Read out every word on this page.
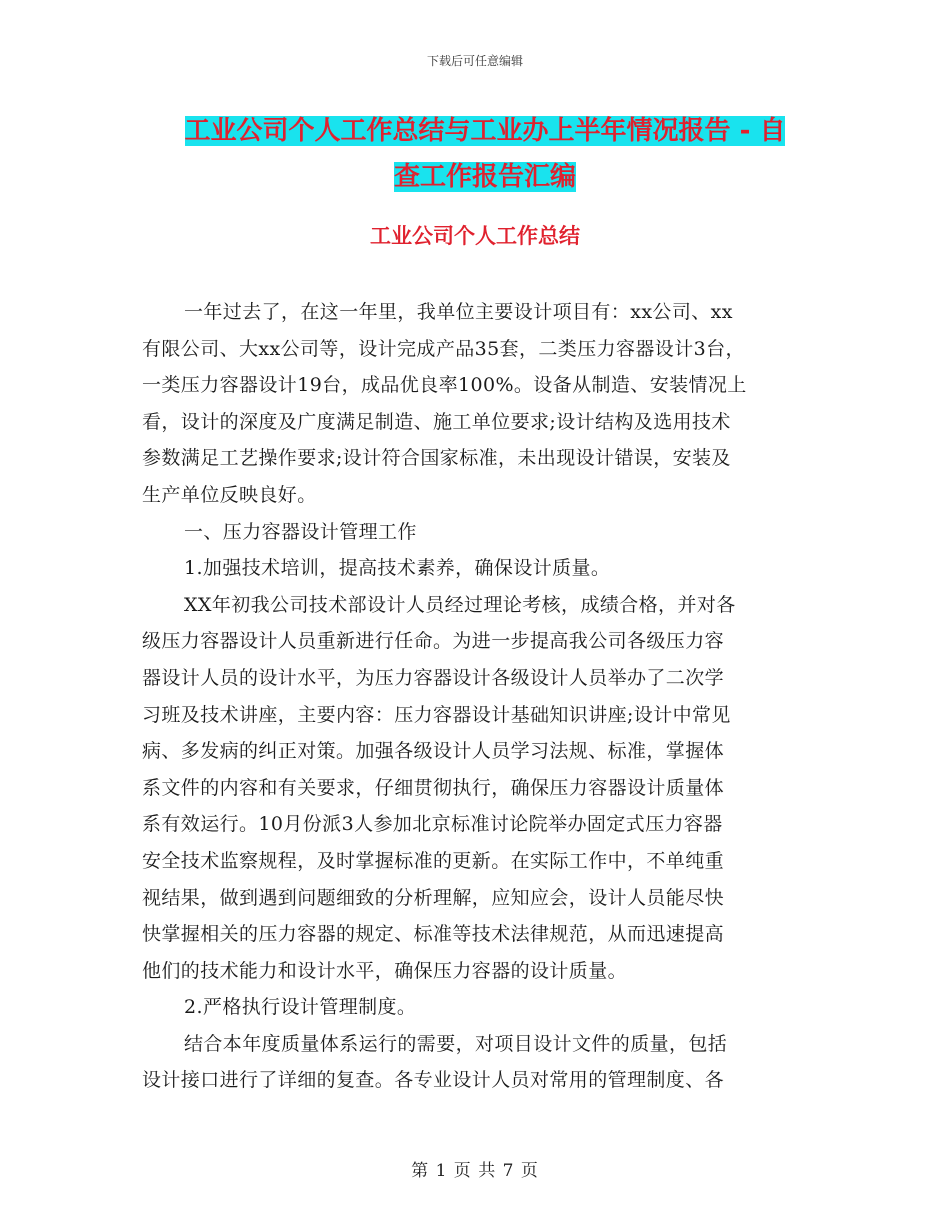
下载后可任意编辑
工业公司个人工作总结与工业办上半年情况报告 - 自
查工作报告汇编
工业公司个人工作总结
一年过去了，在这一年里，我单位主要设计项目有：xx公司、xx
有限公司、大xx公司等，设计完成产品35套，二类压力容器设计3台，
一类压力容器设计19台，成品优良率100%。设备从制造、安装情况上
看，设计的深度及广度满足制造、施工单位要求;设计结构及选用技术
参数满足工艺操作要求;设计符合国家标准，未出现设计错误，安装及
生产单位反映良好。
一、压力容器设计管理工作
1.加强技术培训，提高技术素养，确保设计质量。
XX年初我公司技术部设计人员经过理论考核，成绩合格，并对各
级压力容器设计人员重新进行任命。为进一步提高我公司各级压力容
器设计人员的设计水平，为压力容器设计各级设计人员举办了二次学
习班及技术讲座，主要内容：压力容器设计基础知识讲座;设计中常见
病、多发病的纠正对策。加强各级设计人员学习法规、标准，掌握体
系文件的内容和有关要求，仔细贯彻执行，确保压力容器设计质量体
系有效运行。10月份派3人参加北京标准讨论院举办固定式压力容器
安全技术监察规程，及时掌握标准的更新。在实际工作中，不单纯重
视结果，做到遇到问题细致的分析理解，应知应会，设计人员能尽快
快掌握相关的压力容器的规定、标准等技术法律规范，从而迅速提高
他们的技术能力和设计水平，确保压力容器的设计质量。
2.严格执行设计管理制度。
结合本年度质量体系运行的需要，对项目设计文件的质量，包括
设计接口进行了详细的复查。各专业设计人员对常用的管理制度、各
第 1 页 共 7 页
